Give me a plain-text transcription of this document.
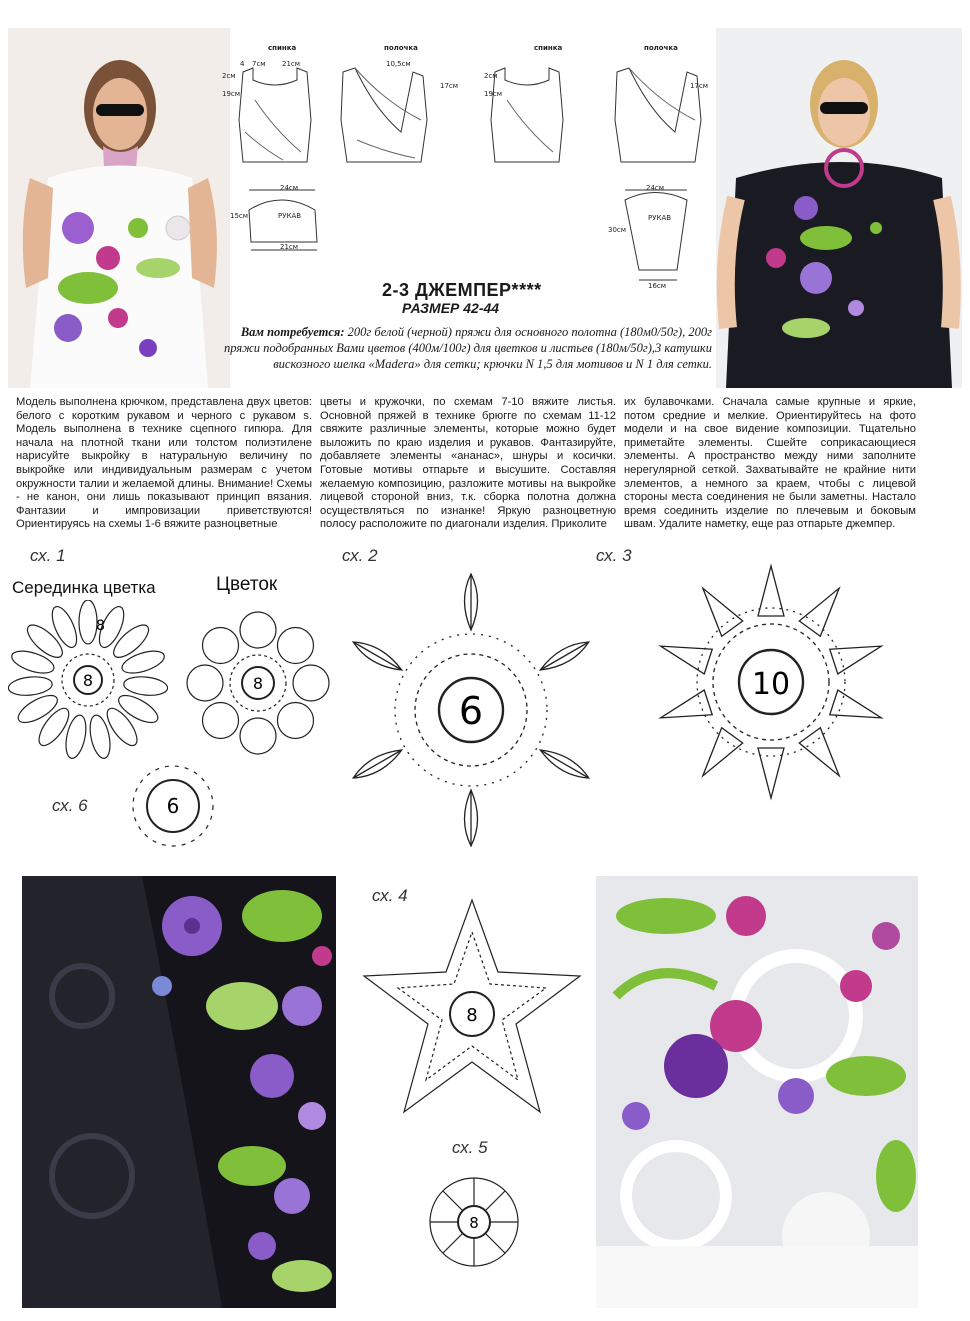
спинка	полочка	спинка	полочка
4 7см 21см	10,5см
2см
19см
17см
2см
19см
17см
24см
15см	РУКАВ
21см
24см
30см
РУКАВ
16см
2-3 ДЖЕМПЕР****
РАЗМЕР 42-44
Вам потребуется: 200г белой (черной) пряжи для основного полотна (180м0/50г), 200г пряжи подобранных Вами цветов (400м/100г) для цветков и листьев (180м/50г),3 катушки вискозного шелка «Madera» для сетки; крючки N 1,5 для мотивов и N 1 для сетки.
Модель выполнена крючком, представлена двух цветов: белого с коротким рукавом и черного с рукавом s. Модель выполнена в технике сцепного гипюра. Для начала на плотной ткани или толстом полиэтилене нарисуйте выкройку в натуральную величину по выкройке или индивидуальным размерам с учетом окружности талии и желаемой длины. Внимание! Схемы - не канон, они лишь показывают принцип вязания. Фантазии и импровизации приветствуются! Ориентируясь на схемы 1-6 вяжите разноцветные
цветы и кружочки, по схемам 7-10 вяжите листья. Основной пряжей в технике брюгге по схемам 11-12 свяжите различные элементы, которые можно будет выложить по краю изделия и рукавов. Фантазируйте, добавляете элементы «ананас», шнуры и косички. Готовые мотивы отпарьте и высушите. Составляя желаемую композицию, разложите мотивы на выкройке лицевой стороной вниз, т.к. сборка полотна должна осуществляться по изнанке! Яркую разноцветную полосу расположите по диагонали изделия. Приколите
их булавочками. Сначала самые крупные и яркие, потом средние и мелкие. Ориентируйтесь на фото модели и на свое видение композиции. Тщательно приметайте элементы. Сшейте соприкасающиеся элементы. А пространство между ними заполните нерегулярной сеткой. Захватывайте не крайние нити элементов, а немного за краем, чтобы с лицевой стороны места соединения не были заметны. Настало время соединить изделие по плечевым и боковым швам. Удалите наметку, еще раз отпарьте джемпер.
сх. 1
Серединка цветка	Цветок
сх. 2	сх. 3
сх. 6
сх. 4
сх. 5
8
8
8
6
6
10
8
8
